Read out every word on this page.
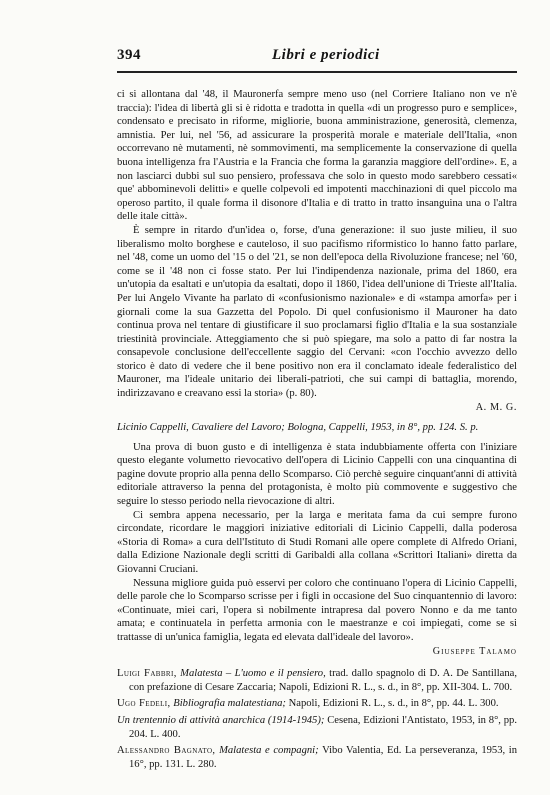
394	Libri e periodici

ci si allontana dal '48, il Mauronerfa sempre meno uso (nel Corriere Italiano non ve n'è traccia): l'idea di libertà gli si è ridotta e tradotta in quella «di un progresso puro e semplice», condensato e precisato in riforme, migliorie, buona amministrazione, generosità, clemenza, amnistia. Per lui, nel '56, ad assicurare la prosperità morale e materiale dell'Italia, «non occorrevano nè mutamenti, nè sommovimenti, ma semplicemente la conservazione di quella buona intelligenza fra l'Austria e la Francia che forma la garanzia maggiore dell'ordine». E, a non lasciarci dubbi sul suo pensiero, professava che solo in questo modo sarebbero cessati« que' abbominevoli delitti» e quelle colpevoli ed impotenti macchinazioni di quel piccolo ma operoso partito, il quale forma il disonore d'Italia e di tratto in tratto insanguina una o l'altra delle itale città».

È sempre in ritardo d'un'idea o, forse, d'una generazione: il suo juste milieu, il suo liberalismo molto borghese e cauteloso, il suo pacifismo riformistico lo hanno fatto parlare, nel '48, come un uomo del '15 o del '21, se non dell'epoca della Rivoluzione francese; nel '60, come se il '48 non ci fosse stato. Per lui l'indipendenza nazionale, prima del 1860, era un'utopia da esaltati e un'utopia da esaltati, dopo il 1860, l'idea dell'unione di Trieste all'Italia. Per lui Angelo Vivante ha parlato di «confusionismo nazionale» e di «stampa amorfa» per i giornali come la sua Gazzetta del Popolo. Di quel confusionismo il Mauroner ha dato continua prova nel tentare di giustificare il suo proclamarsi figlio d'Italia e la sua sostanziale triestinità provinciale. Atteggiamento che si può spiegare, ma solo a patto di far nostra la consapevole conclusione dell'eccellente saggio del Cervani: «con l'occhio avvezzo dello storico è dato di vedere che il bene positivo non era il conclamato ideale federalistico del Mauroner, ma l'ideale unitario dei liberali-patrioti, che sui campi di battaglia, morendo, indirizzavano e creavano essi la storia» (p. 80).

A. M. G.

Licinio Cappelli, Cavaliere del Lavoro; Bologna, Cappelli, 1953, in 8°, pp. 124. S. p.

Una prova di buon gusto e di intelligenza è stata indubbiamente offerta con l'iniziare questo elegante volumetto rievocativo dell'opera di Licinio Cappelli con una cinquantina di pagine dovute proprio alla penna dello Scomparso. Ciò perchè seguire cinquant'anni di attività editoriale attraverso la penna del protagonista, è molto più commovente e suggestivo che seguire lo stesso periodo nella rievocazione di altri.

Ci sembra appena necessario, per la larga e meritata fama da cui sempre furono circondate, ricordare le maggiori iniziative editoriali di Licinio Cappelli, dalla poderosa «Storia di Roma» a cura dell'Istituto di Studi Romani alle opere complete di Alfredo Oriani, dalla Edizione Nazionale degli scritti di Garibaldi alla collana «Scrittori Italiani» diretta da Giovanni Cruciani.

Nessuna migliore guida può esservi per coloro che continuano l'opera di Licinio Cappelli, delle parole che lo Scomparso scrisse per i figli in occasione del Suo cinquantennio di lavoro: «Continuate, miei cari, l'opera sì nobilmente intrapresa dal povero Nonno e da me tanto amata; e continuatela in perfetta armonia con le maestranze e coi impiegati, come se si trattasse di un'unica famiglia, legata ed elevata dall'ideale del lavoro».

Giuseppe Talamo

Luigi Fabbri, Malatesta – L'uomo e il pensiero, trad. dallo spagnolo di D. A. De Santillana, con prefazione di Cesare Zaccaria; Napoli, Edizioni R. L., s. d., in 8°, pp. XII-304. L. 700.

Ugo Fedeli, Bibliografia malatestiana; Napoli, Edizioni R. L., s. d., in 8°, pp. 44. L. 300.

Un trentennio di attività anarchica (1914-1945); Cesena, Edizioni l'Antistato, 1953, in 8°, pp. 204. L. 400.

Alessandro Bagnato, Malatesta e compagni; Vibo Valentia, Ed. La perseveranza, 1953, in 16°, pp. 131. L. 280.
